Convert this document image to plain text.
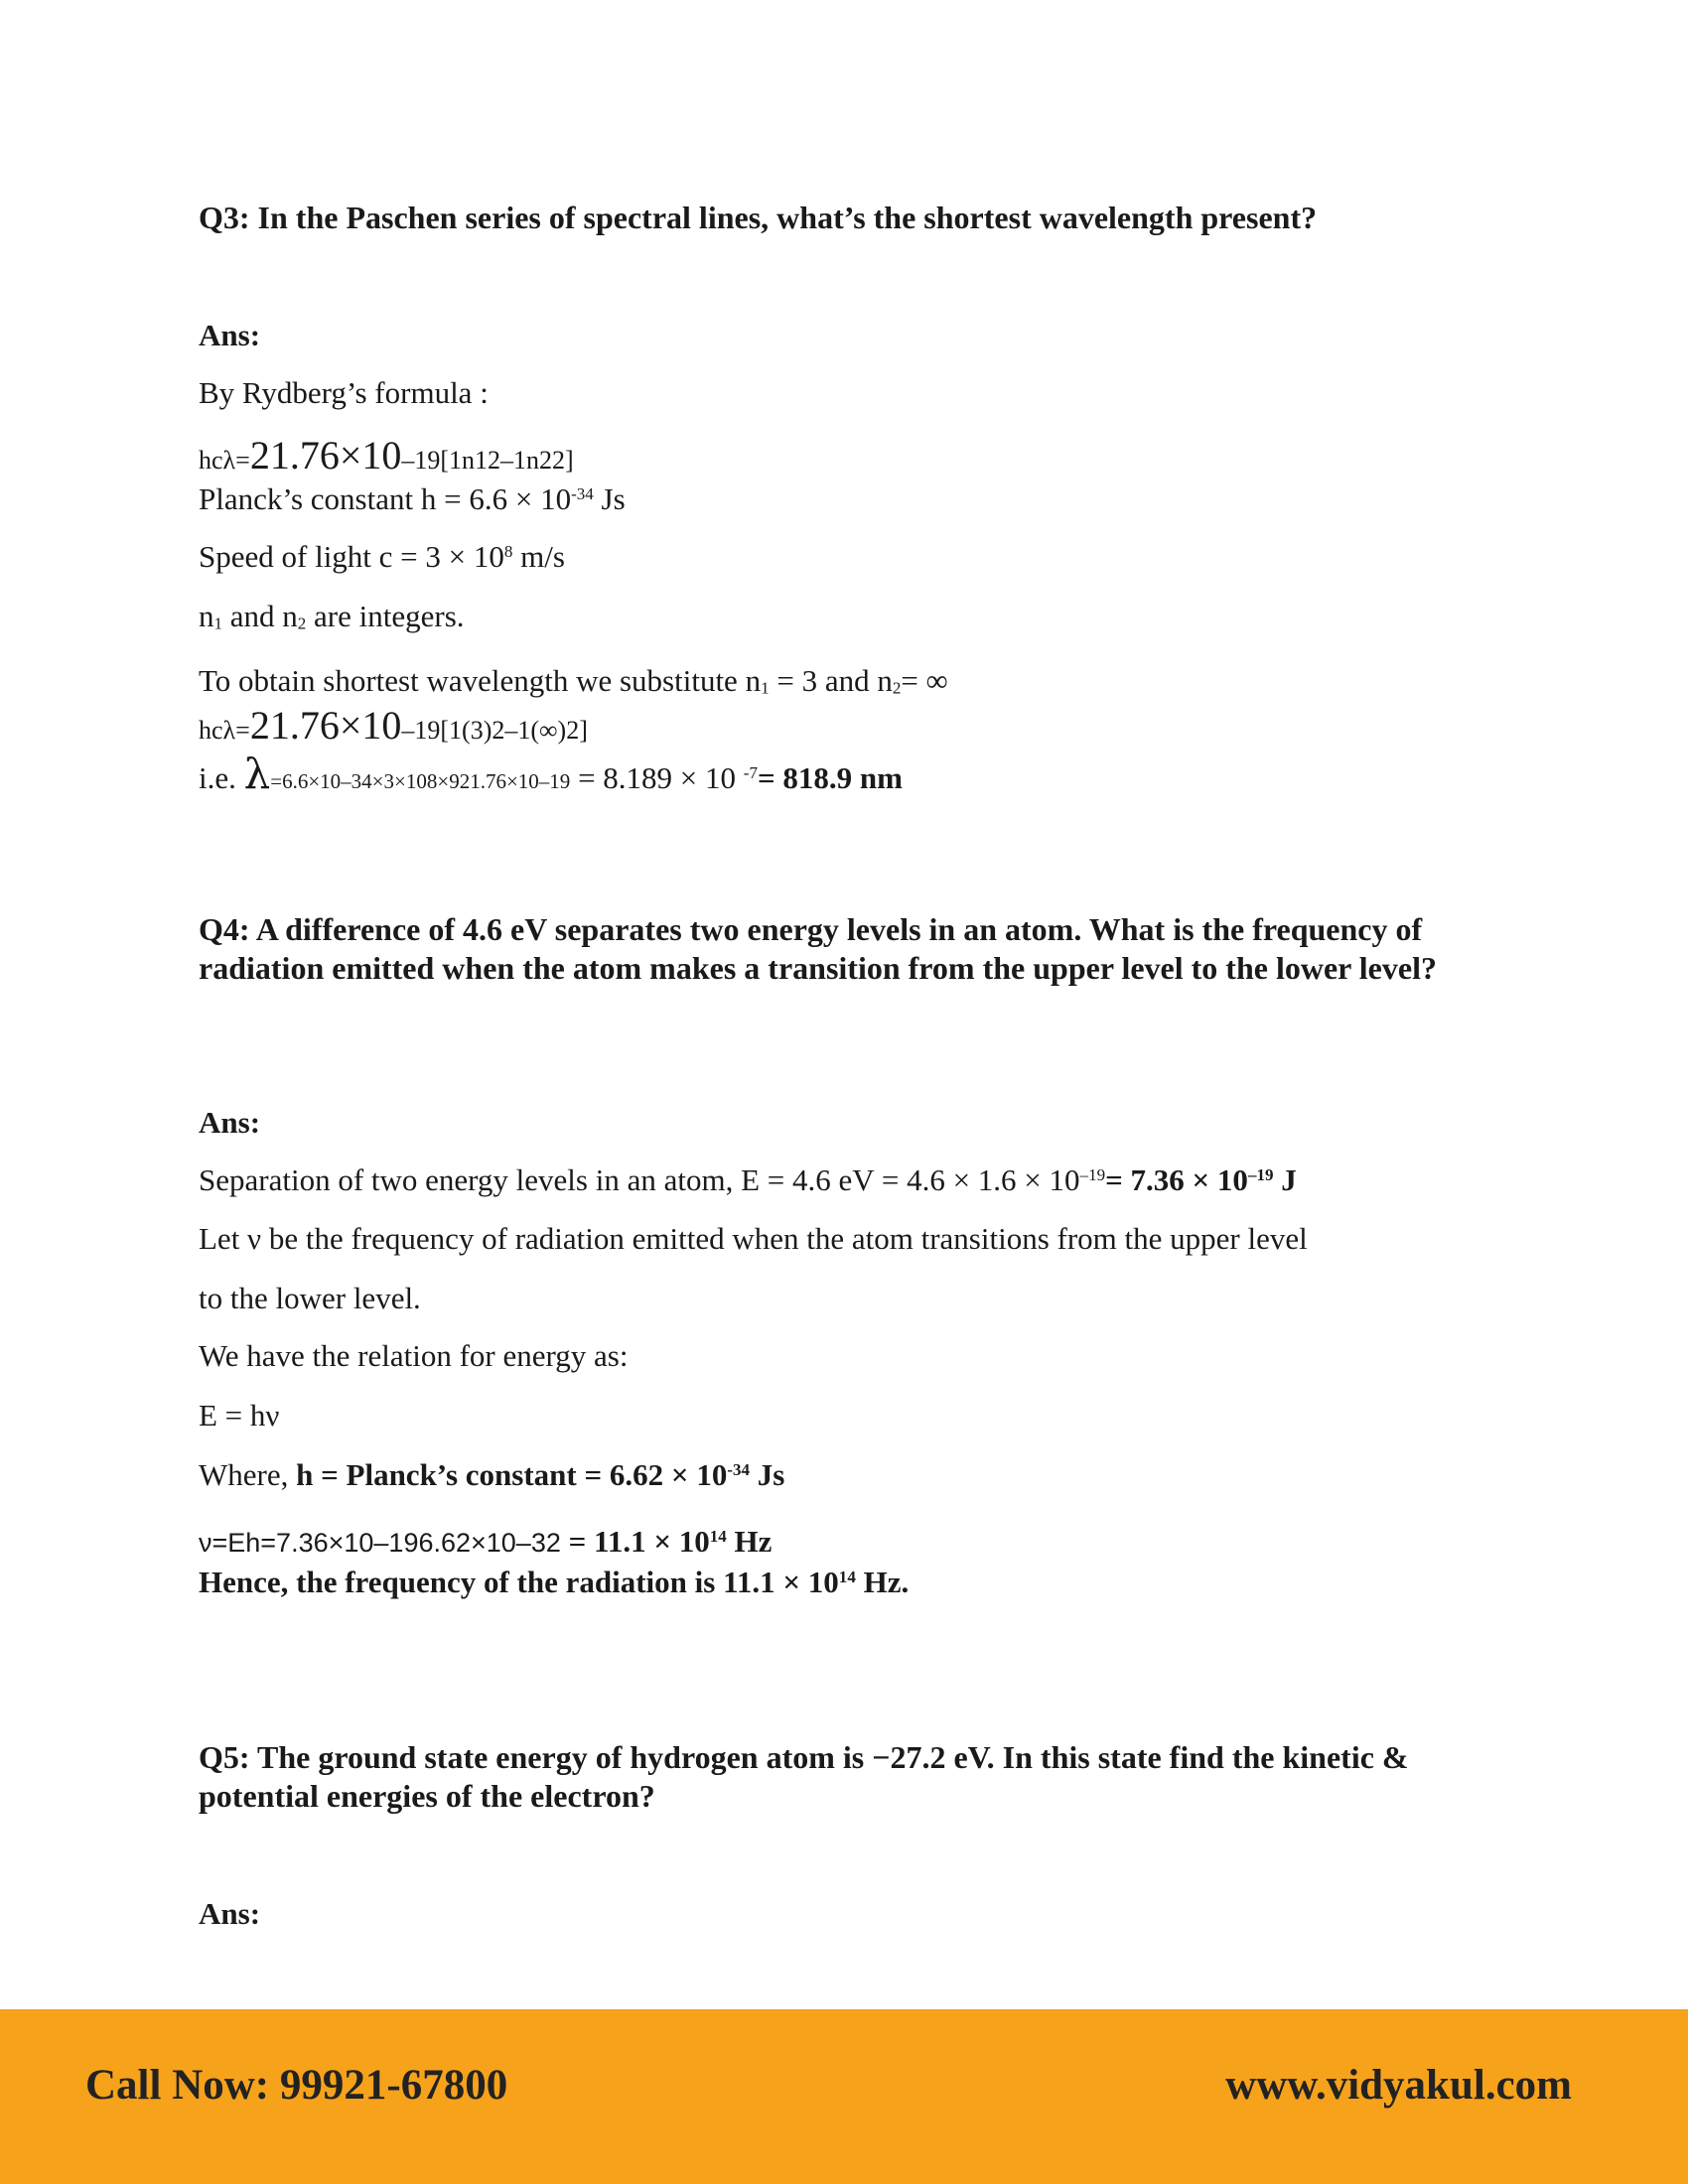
Q3: In the Paschen series of spectral lines, what’s the shortest wavelength present?
Ans:
By Rydberg’s formula :
hcλ=21.76×10–19[1n12–1n22]
Planck’s constant $h = 6.6 \times 10^{-34}$ Js
Speed of light $c = 3 \times 10^8$ m/s
n1 and n2 are integers.
To obtain shortest wavelength we substitute n1 = 3 and n2= ∞
hcλ=21.76×10–19[1(3)2–1(∞)2]
i.e. λ=6.6×10–34×3×108×921.76×10–19 = 8.189 × 10 $^{-7}$= 818.9 nm
Q4: A difference of 4.6 eV separates two energy levels in an atom. What is the frequency of radiation emitted when the atom makes a transition from the upper level to the lower level?
Ans:
Separation of two energy levels in an atom, E = 4.6 eV = $4.6 \times 1.6 \times 10^{-19}= 7.36 \times 10^{-19}$ J
Let ν be the frequency of radiation emitted when the atom transitions from the upper level
to the lower level.
We have the relation for energy as:
E = hν
Where, h = Planck’s constant = $6.62 \times 10^{-34}$ Js
$\nu=Eh=7.36\times 10-196.62\times 10-32 = 11.1 \times 10^{14}$ Hz
Hence, the frequency of the radiation is $11.1 \times 10^{14}$ Hz.
Q5: The ground state energy of hydrogen atom is −27.2 eV. In this state find the kinetic & potential energies of the electron?
Ans:
Call Now: 99921-67800	www.vidyakul.com
